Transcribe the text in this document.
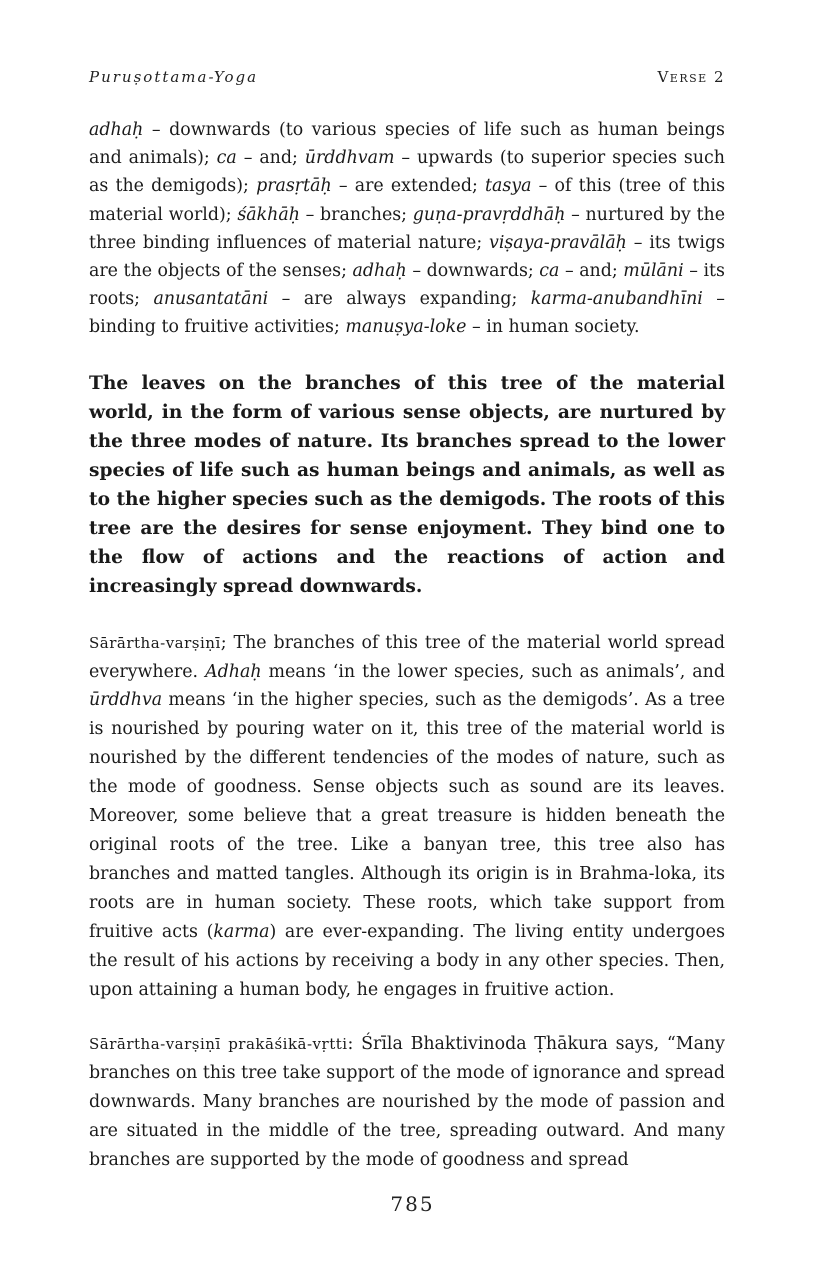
Puruṣottama-Yoga	Verse 2

adhaḥ – downwards (to various species of life such as human beings and animals); ca – and; ūrddhvam – upwards (to superior species such as the demigods); prasṛtāḥ – are extended; tasya – of this (tree of this material world); śākhāḥ – branches; guṇa-pravṛddhāḥ – nurtured by the three binding influences of material nature; viṣaya-pravālāḥ – its twigs are the objects of the senses; adhaḥ – downwards; ca – and; mūlāni – its roots; anusantatāni – are always expanding; karma-anubandhīni – binding to fruitive activities; manuṣya-loke – in human society.

The leaves on the branches of this tree of the material world, in the form of various sense objects, are nurtured by the three modes of nature. Its branches spread to the lower species of life such as human beings and animals, as well as to the higher species such as the demigods. The roots of this tree are the desires for sense enjoyment. They bind one to the flow of actions and the reactions of action and increasingly spread downwards.

Sārārtha-varṣiṇī; The branches of this tree of the material world spread everywhere. Adhaḥ means ‘in the lower species, such as animals’, and ūrddhva means ‘in the higher species, such as the demigods’. As a tree is nourished by pouring water on it, this tree of the material world is nourished by the different tendencies of the modes of nature, such as the mode of goodness. Sense objects such as sound are its leaves. Moreover, some believe that a great treasure is hidden beneath the original roots of the tree. Like a banyan tree, this tree also has branches and matted tangles. Although its origin is in Brahma-loka, its roots are in human society. These roots, which take support from fruitive acts (karma) are ever-expanding. The living entity undergoes the result of his actions by receiving a body in any other species. Then, upon attaining a human body, he engages in fruitive action.

Sārārtha-varṣiṇī prakāśikā-vṛtti: Śrīla Bhaktivinoda Ṭhākura says, “Many branches on this tree take support of the mode of ignorance and spread downwards. Many branches are nourished by the mode of passion and are situated in the middle of the tree, spreading outward. And many branches are supported by the mode of goodness and spread

785
